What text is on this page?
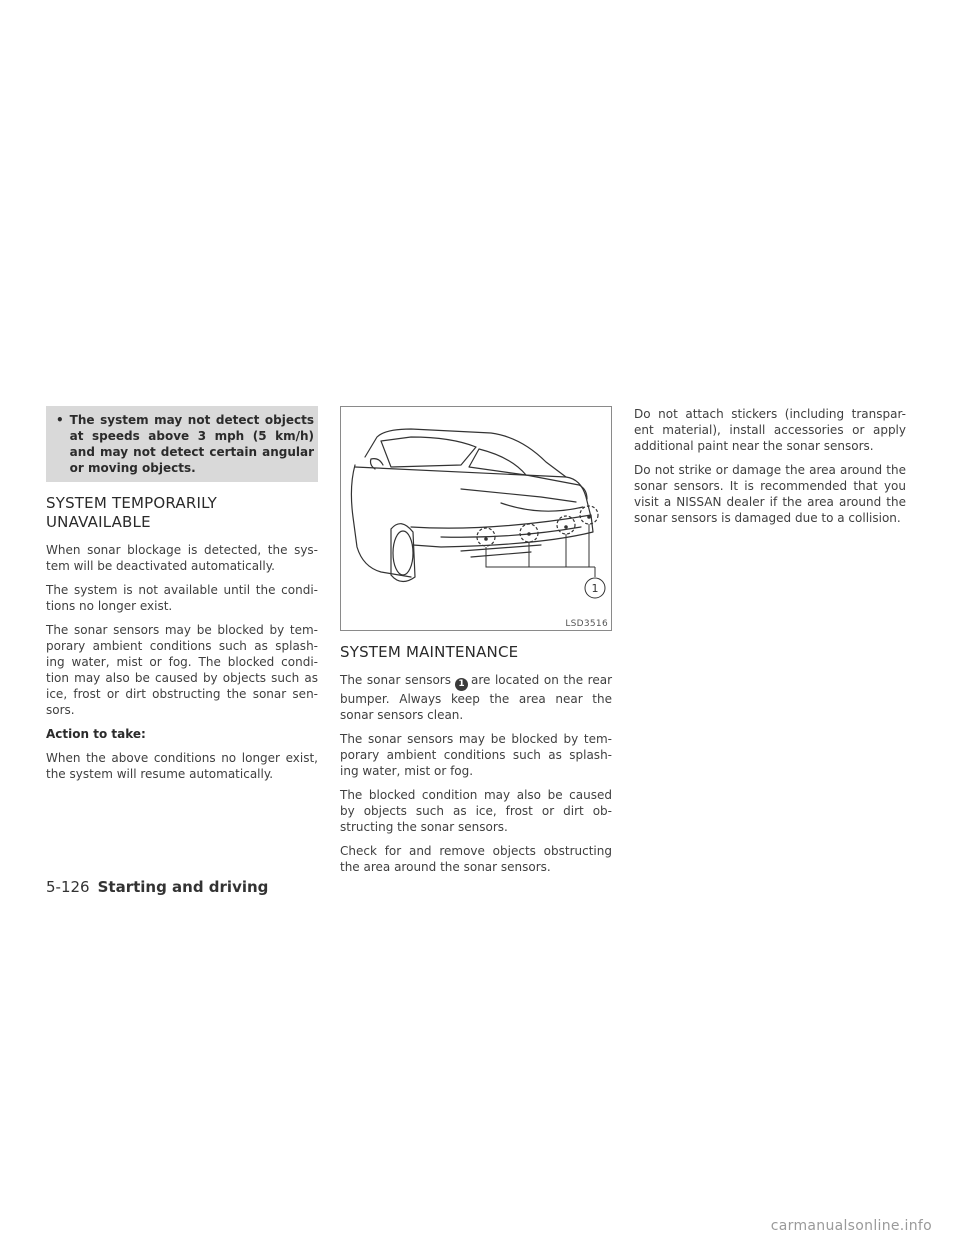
• The system may not detect objects at speeds above 3 mph (5 km/h) and may not detect certain angular or moving objects.
SYSTEM TEMPORARILY UNAVAILABLE

When sonar blockage is detected, the sys-tem will be deactivated automatically.

The system is not available until the condi-tions no longer exist.

The sonar sensors may be blocked by tem-porary ambient conditions such as splash-ing water, mist or fog. The blocked condi-tion may also be caused by objects such as ice, frost or dirt obstructing the sonar sen-sors.

Action to take:

When the above conditions no longer exist, the system will resume automatically.

1
LSD3516
SYSTEM MAINTENANCE

The sonar sensors 1 are located on the rear bumper. Always keep the area near the sonar sensors clean.

The sonar sensors may be blocked by tem-porary ambient conditions such as splash-ing water, mist or fog.

The blocked condition may also be caused by objects such as ice, frost or dirt ob-structing the sonar sensors.

Check for and remove objects obstructing the area around the sonar sensors.

Do not attach stickers (including transpar-ent material), install accessories or apply additional paint near the sonar sensors.

Do not strike or damage the area around the sonar sensors. It is recommended that you visit a NISSAN dealer if the area around the sonar sensors is damaged due to a collision.

5-126 Starting and driving
carmanualsonline.info
